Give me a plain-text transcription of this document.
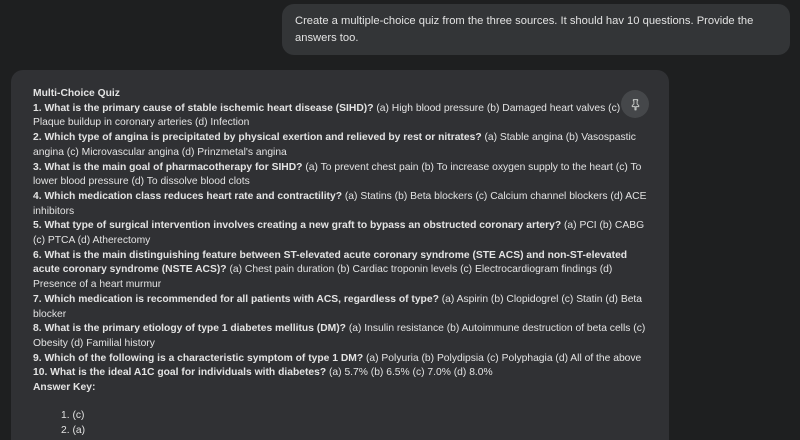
Create a multiple-choice quiz from the three sources. It should hav 10 questions. Provide the answers too.

Multi-Choice Quiz

1. What is the primary cause of stable ischemic heart disease (SIHD)? (a) High blood pressure (b) Damaged heart valves (c) Plaque buildup in coronary arteries (d) Infection

2. Which type of angina is precipitated by physical exertion and relieved by rest or nitrates? (a) Stable angina (b) Vasospastic angina (c) Microvascular angina (d) Prinzmetal's angina

3. What is the main goal of pharmacotherapy for SIHD? (a) To prevent chest pain (b) To increase oxygen supply to the heart (c) To lower blood pressure (d) To dissolve blood clots

4. Which medication class reduces heart rate and contractility? (a) Statins (b) Beta blockers (c) Calcium channel blockers (d) ACE inhibitors

5. What type of surgical intervention involves creating a new graft to bypass an obstructed coronary artery? (a) PCI (b) CABG (c) PTCA (d) Atherectomy

6. What is the main distinguishing feature between ST-elevated acute coronary syndrome (STE ACS) and non-ST-elevated acute coronary syndrome (NSTE ACS)? (a) Chest pain duration (b) Cardiac troponin levels (c) Electrocardiogram findings (d) Presence of a heart murmur

7. Which medication is recommended for all patients with ACS, regardless of type? (a) Aspirin (b) Clopidogrel (c) Statin (d) Beta blocker

8. What is the primary etiology of type 1 diabetes mellitus (DM)? (a) Insulin resistance (b) Autoimmune destruction of beta cells (c) Obesity (d) Familial history

9. Which of the following is a characteristic symptom of type 1 DM? (a) Polyuria (b) Polydipsia (c) Polyphagia (d) All of the above

10. What is the ideal A1C goal for individuals with diabetes? (a) 5.7% (b) 6.5% (c) 7.0% (d) 8.0%

Answer Key:

1. (c)
2. (a)
